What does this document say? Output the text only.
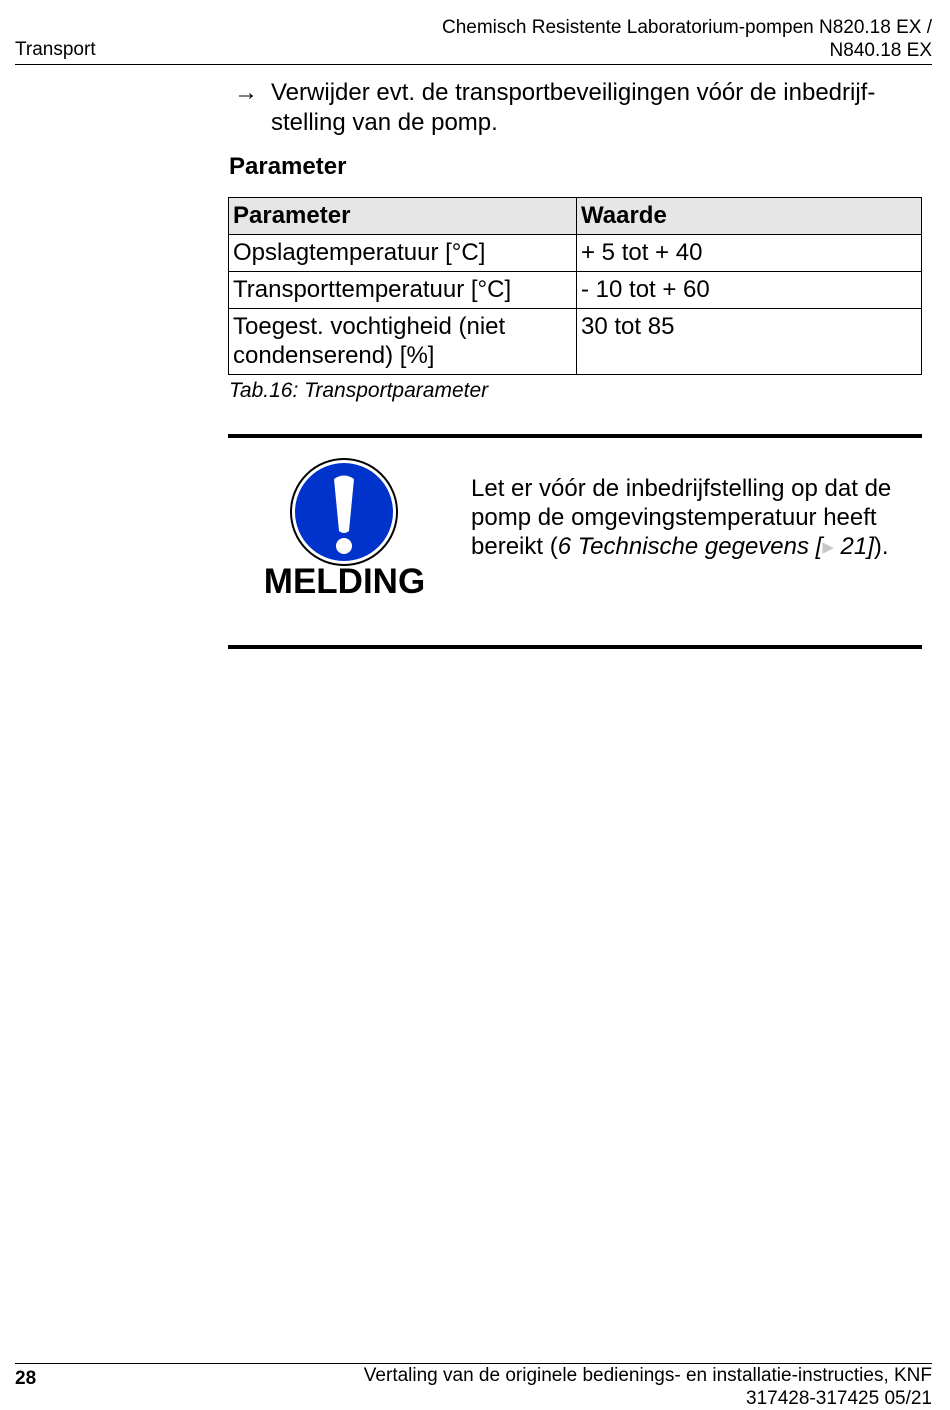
Transport
Chemisch Resistente Laboratorium-pompen N820.18 EX /
N840.18 EX
→ Verwijder evt. de transportbeveiligingen vóór de inbedrijfstelling van de pomp.
Parameter
Parameter	Waarde
Opslagtemperatuur [°C]	+ 5 tot + 40
Transporttemperatuur [°C]	- 10 tot + 60
Toegest. vochtigheid (niet condenserend) [%]	30 tot 85
Tab.16: Transportparameter
MELDING
Let er vóór de inbedrijfstelling op dat de pomp de omgevingstemperatuur heeft bereikt (6 Technische gegevens [▶ 21]).
28	Vertaling van de originele bedienings- en installatie-instructies, KNF
317428-317425 05/21
